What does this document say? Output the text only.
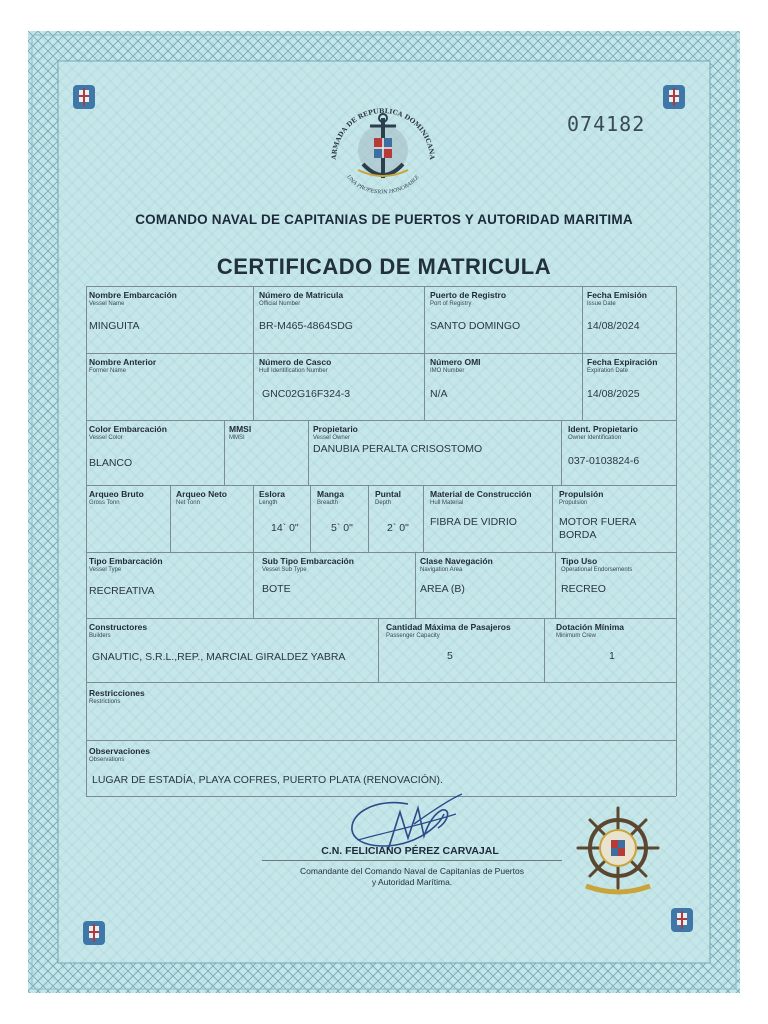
ARMADA DE REPUBLICA DOMINICANA
UNA PROFESIÓN HONORABLE
074182
COMANDO NAVAL DE CAPITANIAS DE PUERTOS Y AUTORIDAD MARITIMA
CERTIFICADO DE MATRICULA
Nombre Embarcación
Vessel Name
MINGUITA
Número de Matricula
Official Number
BR-M465-4864SDG
Puerto de Registro
Port of Registry
SANTO DOMINGO
Fecha Emisión
Issue Date
14/08/2024
Nombre Anterior
Former Name
Número de Casco
Hull Identification Number
GNC02G16F324-3
Número OMI
IMO Number
N/A
Fecha Expiración
Expiration Date
14/08/2025
Color Embarcación
Vessel Color
BLANCO
MMSI
MMSI
Propietario
Vessel Owner
DANUBIA PERALTA CRISOSTOMO
Ident. Propietario
Owner Identification
037-0103824-6
Arqueo Bruto
Gross Tonn
Arqueo Neto
Net Tonn
Eslora
Length
14` 0"
Manga
Breadth
5` 0"
Puntal
Depth
2` 0"
Material de Construcción
Hull Material
FIBRA DE VIDRIO
Propulsión
Propulsion
MOTOR FUERA
BORDA
Tipo Embarcación
Vessel Type
RECREATIVA
Sub Tipo Embarcación
Vessel Sub Type
BOTE
Clase Navegación
Navigation Area
AREA (B)
Tipo Uso
Operational Endorsements
RECREO
Constructores
Builders
GNAUTIC, S.R.L.,REP., MARCIAL GIRALDEZ YABRA
Cantidad Máxima de Pasajeros
Passenger Capacity
5
Dotación Mínima
Minimum Crew
1
Restricciones
Restrictions
Observaciones
Observations
LUGAR DE ESTADÍA, PLAYA COFRES, PUERTO PLATA (RENOVACIÓN).
C.N. FELICIANO PÉREZ CARVAJAL
Comandante del Comando Naval de Capitanías de Puertos
y Autoridad Marítima.
